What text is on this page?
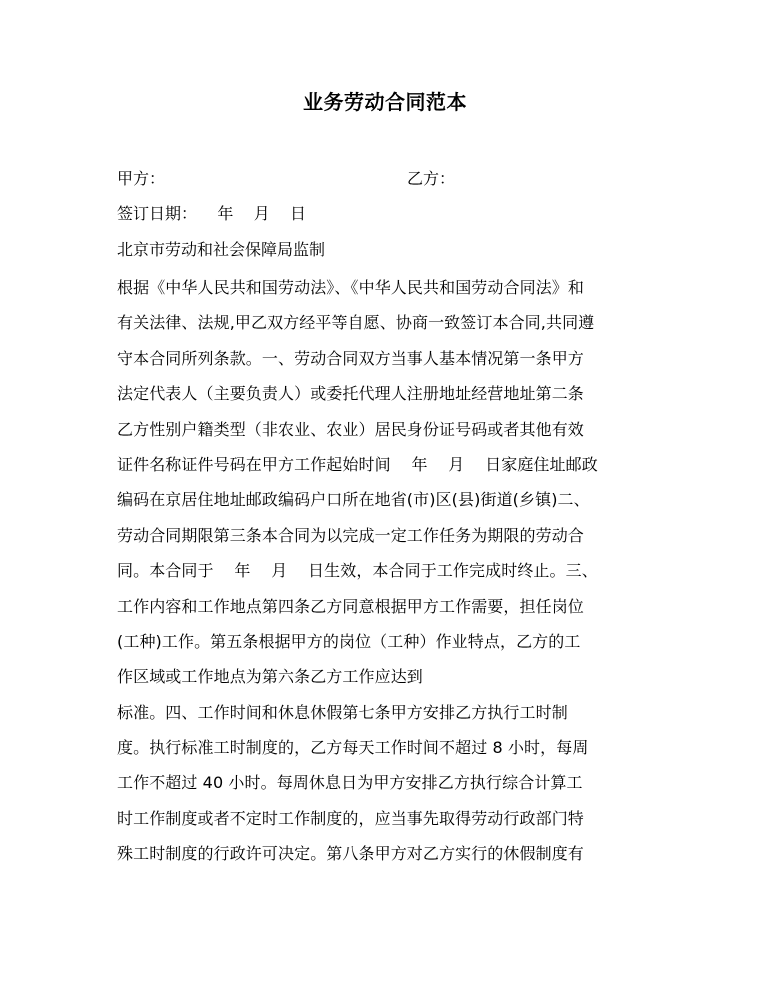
业务劳动合同范本
甲方：	乙方：
签订日期：    年    月    日
北京市劳动和社会保障局监制
根据《中华人民共和国劳动法》、《中华人民共和国劳动合同法》和
有关法律、法规,甲乙双方经平等自愿、协商一致签订本合同,共同遵
守本合同所列条款。一、劳动合同双方当事人基本情况第一条甲方
法定代表人（主要负责人）或委托代理人注册地址经营地址第二条
乙方性别户籍类型（非农业、农业）居民身份证号码或者其他有效
证件名称证件号码在甲方工作起始时间    年    月    日家庭住址邮政
编码在京居住地址邮政编码户口所在地省(市)区(县)街道(乡镇)二、
劳动合同期限第三条本合同为以完成一定工作任务为期限的劳动合
同。本合同于    年    月    日生效，本合同于工作完成时终止。三、
工作内容和工作地点第四条乙方同意根据甲方工作需要，担任岗位
(工种)工作。第五条根据甲方的岗位（工种）作业特点，乙方的工
作区域或工作地点为第六条乙方工作应达到
标准。四、工作时间和休息休假第七条甲方安排乙方执行工时制
度。执行标准工时制度的，乙方每天工作时间不超过 8 小时，每周
工作不超过 40 小时。每周休息日为甲方安排乙方执行综合计算工
时工作制度或者不定时工作制度的，应当事先取得劳动行政部门特
殊工时制度的行政许可决定。第八条甲方对乙方实行的休假制度有
